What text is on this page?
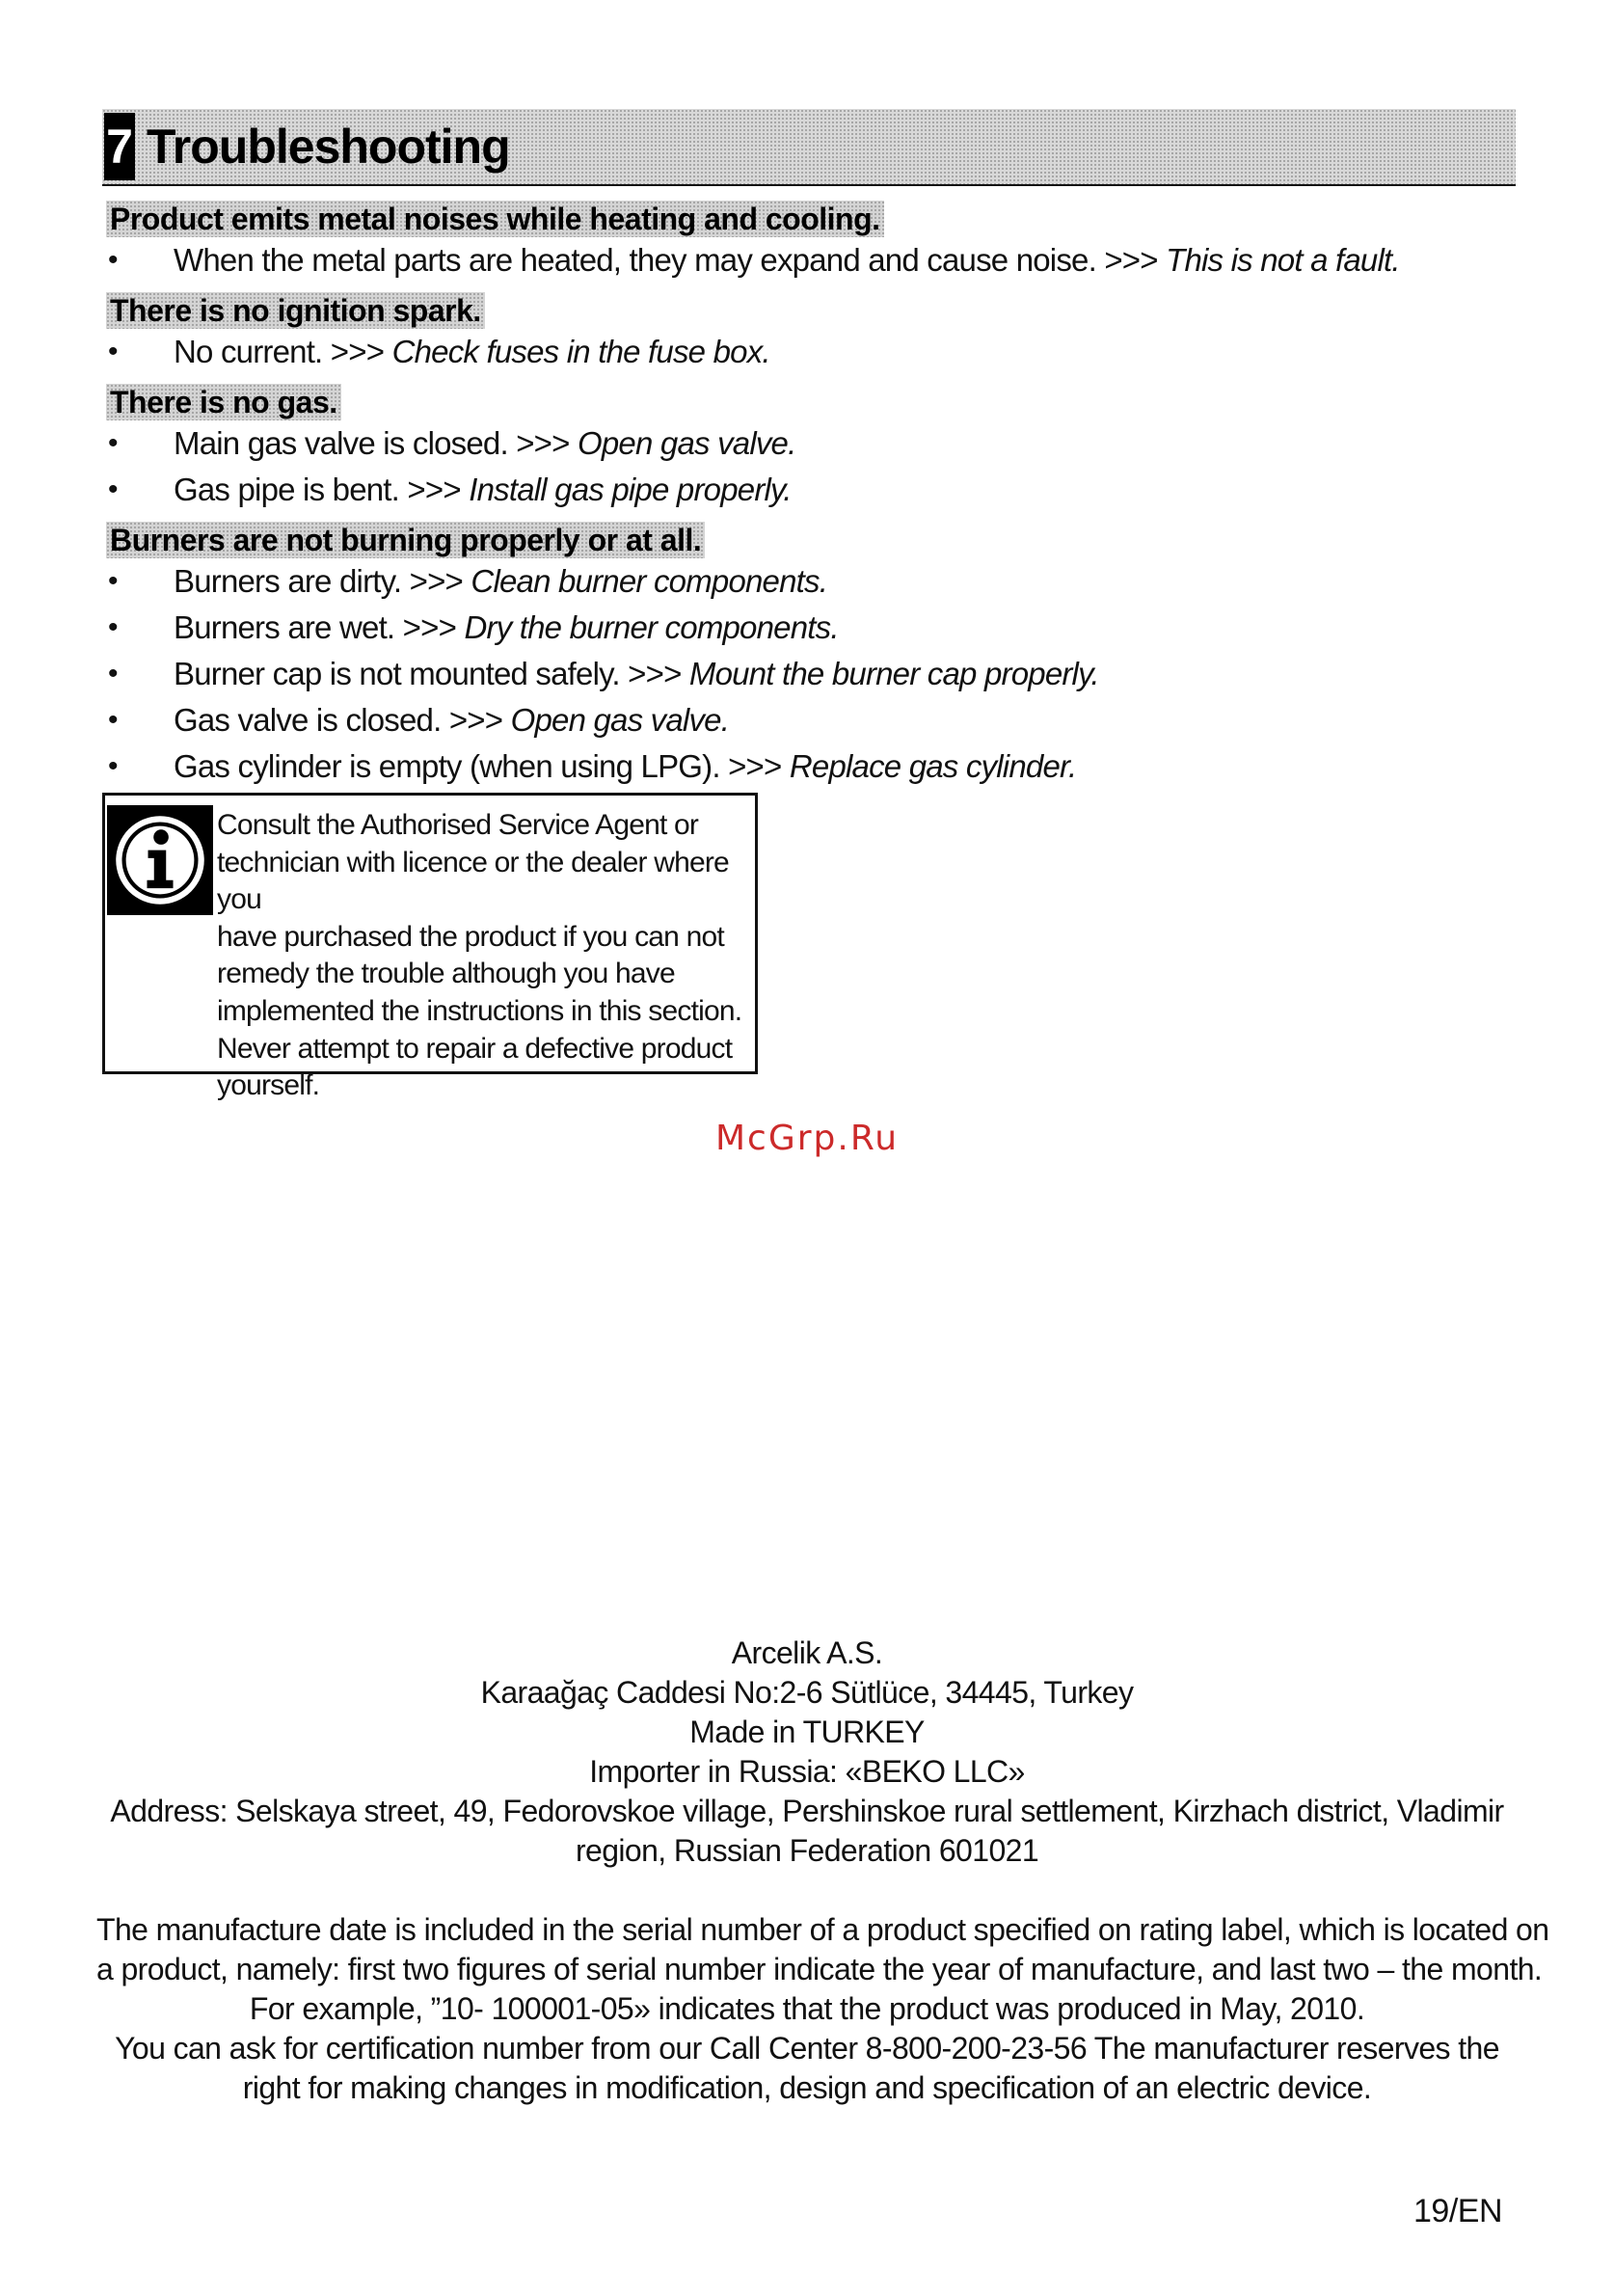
7 Troubleshooting
Product emits metal noises while heating and cooling.
• When the metal parts are heated, they may expand and cause noise. >>> This is not a fault.
There is no ignition spark.
• No current. >>> Check fuses in the fuse box.
There is no gas.
• Main gas valve is closed. >>> Open gas valve.
• Gas pipe is bent. >>> Install gas pipe properly.
Burners are not burning properly or at all.
• Burners are dirty. >>> Clean burner components.
• Burners are wet. >>> Dry the burner components.
• Burner cap is not mounted safely. >>> Mount the burner cap properly.
• Gas valve is closed. >>> Open gas valve.
• Gas cylinder is empty (when using LPG). >>> Replace gas cylinder.
Consult the Authorised Service Agent or
technician with licence or the dealer where you
have purchased the product if you can not
remedy the trouble although you have
implemented the instructions in this section.
Never attempt to repair a defective product
yourself.
McGrp.Ru
Arcelik A.S.
Karaağaç Caddesi No:2-6 Sütlüce, 34445, Turkey
Made in TURKEY
Importer in Russia: «BEKO LLC»
Address: Selskaya street, 49, Fedorovskoe village, Pershinskoe rural settlement, Kirzhach district, Vladimir
region, Russian Federation 601021
The manufacture date is included in the serial number of a product specified on rating label, which is located on
a product, namely: first two figures of serial number indicate the year of manufacture, and last two – the month.
For example, ”10- 100001-05» indicates that the product was produced in May, 2010.
You can ask for certification number from our Call Center 8-800-200-23-56 The manufacturer reserves the
right for making changes in modification, design and specification of an electric device.
19/EN
